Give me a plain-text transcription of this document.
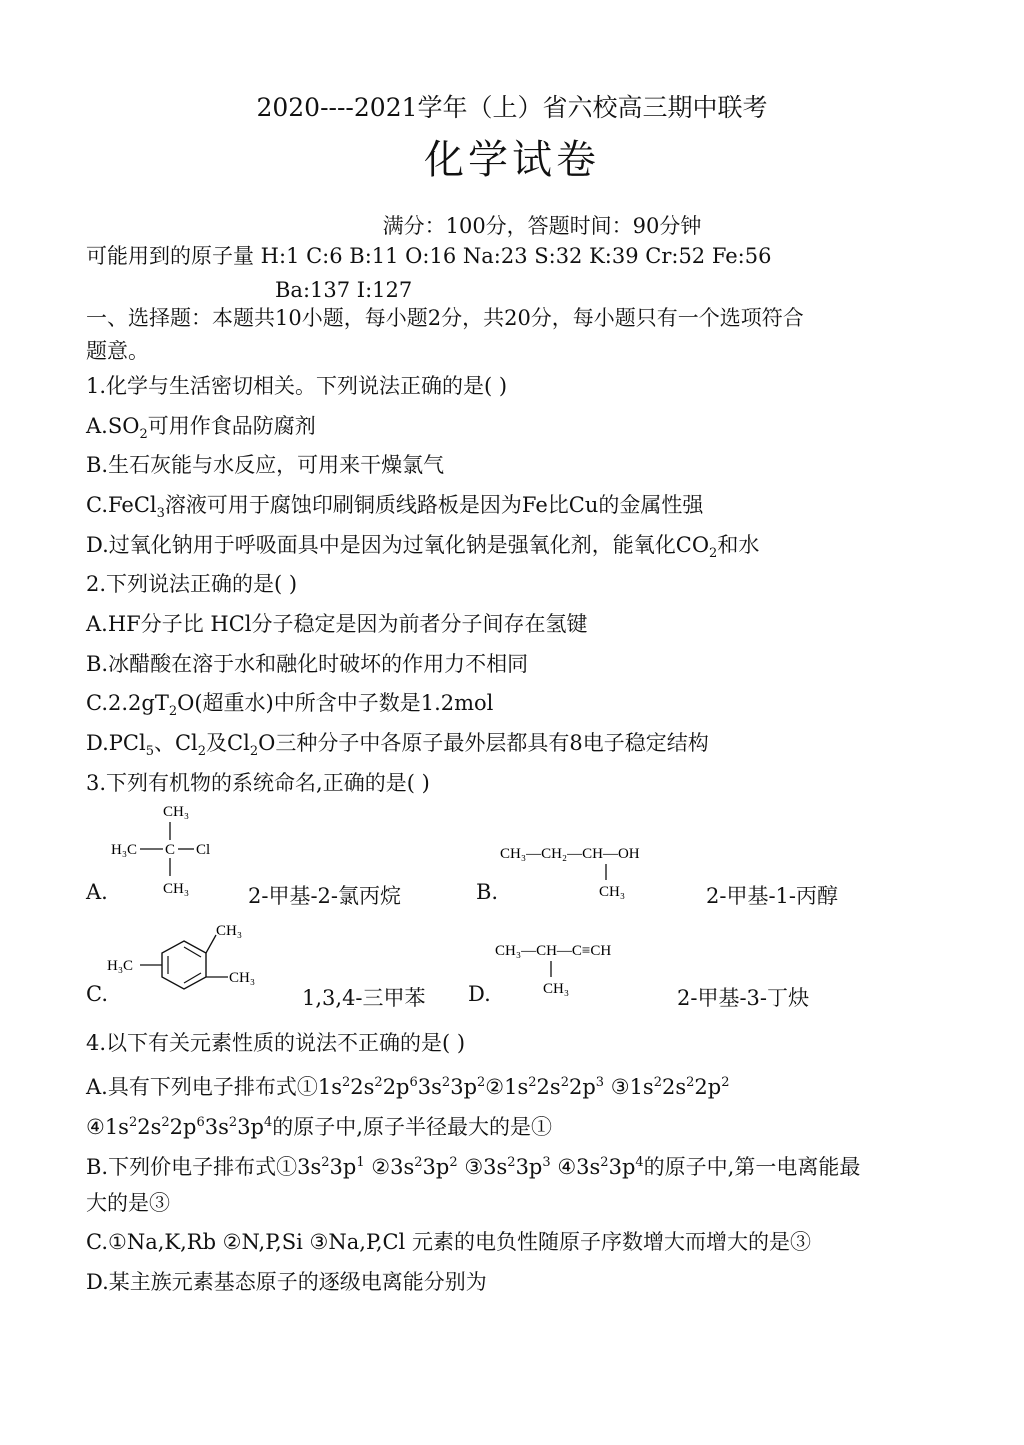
2020----2021学年（上）省六校高三期中联考
化学试卷
满分：100分，答题时间：90分钟
可能用到的原子量 H:1 C:6 B:11 O:16 Na:23 S:32 K:39 Cr:52 Fe:56
Ba:137 I:127
一、选择题：本题共10小题，每小题2分，共20分，每小题只有一个选项符合
题意。
1.化学与生活密切相关。下列说法正确的是( )
$A.SO_2$可用作食品防腐剂
B.生石灰能与水反应，可用来干燥氯气
C.FeCl$_3$溶液可用于腐蚀印刷铜质线路板是因为Fe比Cu的金属性强
D.过氧化钠用于呼吸面具中是因为过氧化钠是强氧化剂，能氧化$CO_2$和水
2.下列说法正确的是( )
A.HF分子比 HCl分子稳定是因为前者分子间存在氢键
B.冰醋酸在溶于水和融化时破坏的作用力不相同
$C.2.2gT_2O$(超重水)中所含中子数是1.2mol
D.PCl$_5$、$Cl_2$及$Cl_2O$三种分子中各原子最外层都具有8电子稳定结构
3.下列有机物的系统命名,正确的是( )
CH₃
H₃C C Cl
CH₃
A.	2-甲基-2-氯丙烷
CH₃—CH₂—CH—OH
CH₃
B.	2-甲基-1-丙醇
CH₃
H₃C
CH₃
C.	1,3,4-三甲苯
CH₃—CH—C≡CH
CH₃
D.	2-甲基-3-丁炔
4.以下有关元素性质的说法不正确的是( )
A.具有下列电子排布式$①1s^22s^22p^63s^23p^2②1s^22s^22p^3$ $③1s^22s^22p^2$
$④1s^22s^22p^63s^23p^4$的原子中,原子半径最大的是①
B.下列价电子排布式$①3s^23p^1$ $②3s^23p^2$ $③3s^23p^3$ $④3s^23p^4$的原子中,第一电离能最
大的是③
C.①Na,K,Rb ②N,P,Si ③Na,P,Cl 元素的电负性随原子序数增大而增大的是③
D.某主族元素基态原子的逐级电离能分别为
